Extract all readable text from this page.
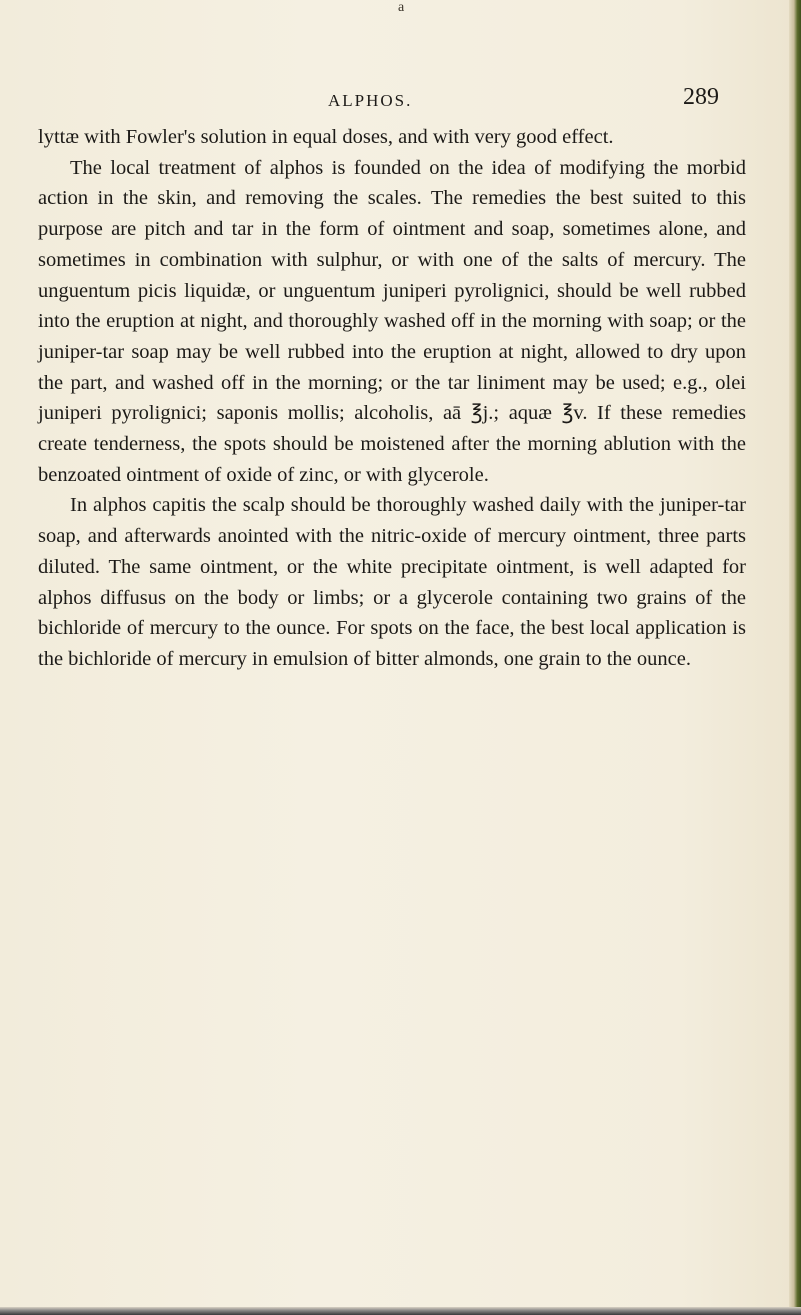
a
ALPHOS.	289

lyttæ with Fowler's solution in equal doses, and with very good effect.

The local treatment of alphos is founded on the idea of modifying the morbid action in the skin, and removing the scales. The remedies the best suited to this purpose are pitch and tar in the form of ointment and soap, sometimes alone, and sometimes in combination with sulphur, or with one of the salts of mercury. The unguentum picis liquidæ, or unguentum juniperi pyrolignici, should be well rubbed into the eruption at night, and thoroughly washed off in the morning with soap; or the juniper-tar soap may be well rubbed into the eruption at night, allowed to dry upon the part, and washed off in the morning; or the tar liniment may be used; e.g., olei juniperi pyrolignici; saponis mollis; alcoholis, aā ℥j.; aquæ ℥v. If these remedies create tenderness, the spots should be moistened after the morning ablution with the benzoated ointment of oxide of zinc, or with glycerole.

In alphos capitis the scalp should be thoroughly washed daily with the juniper-tar soap, and afterwards anointed with the nitric-oxide of mercury ointment, three parts diluted. The same ointment, or the white precipitate ointment, is well adapted for alphos diffusus on the body or limbs; or a glycerole containing two grains of the bichloride of mercury to the ounce. For spots on the face, the best local application is the bichloride of mercury in emulsion of bitter almonds, one grain to the ounce.
